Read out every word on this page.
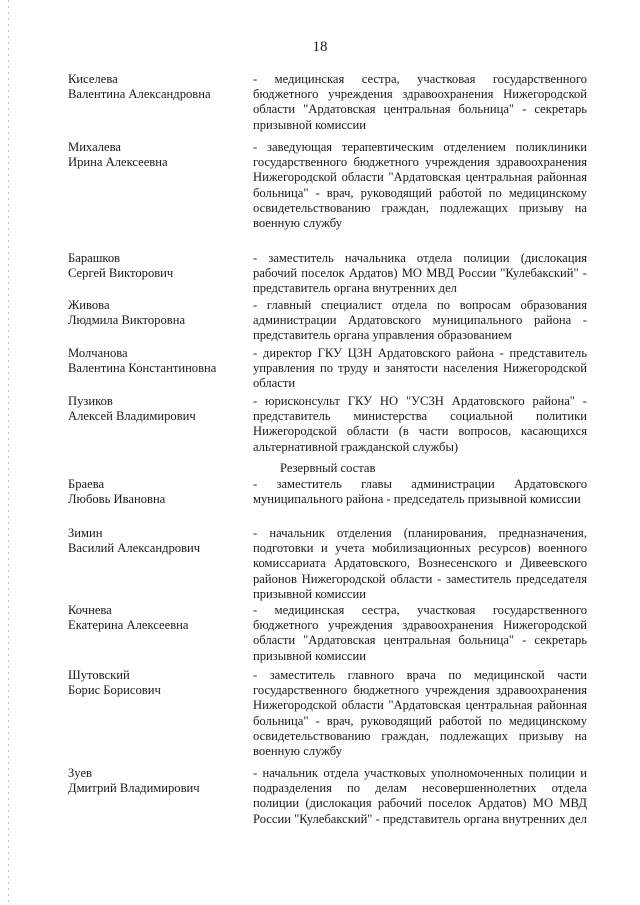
18
Киселева
Валентина Александровна
- медицинская сестра, участковая государственного бюджетного учреждения здравоохранения Нижегородской области "Ардатовская центральная больница" - секретарь призывной комиссии
Михалева
Ирина Алексеевна
- заведующая терапевтическим отделением поликлиники государственного бюджетного учреждения здравоохранения Нижегородской области "Ардатовская центральная районная больница" - врач, руководящий работой по медицинскому освидетельствованию граждан, подлежащих призыву на военную службу
Барашков
Сергей Викторович
- заместитель начальника отдела полиции (дислокация рабочий поселок Ардатов) МО МВД России "Кулебакский" - представитель органа внутренних дел
Живова
Людмила Викторовна
- главный специалист отдела по вопросам образования администрации Ардатовского муниципального района - представитель органа управления образованием
Молчанова
Валентина Константиновна
- директор ГКУ ЦЗН Ардатовского района - представитель управления по труду и занятости населения Нижегородской области
Пузиков
Алексей Владимирович
- юрисконсульт ГКУ НО "УСЗН Ардатовского района" - представитель министерства социальной политики Нижегородской области (в части вопросов, касающихся альтернативной гражданской службы)
Резервный состав
Браева
Любовь Ивановна
- заместитель главы администрации Ардатовского муниципального района - председатель призывной комиссии
Зимин
Василий Александрович
- начальник отделения (планирования, предназначения, подготовки и учета мобилизационных ресурсов) военного комиссариата Ардатовского, Вознесенского и Дивеевского районов Нижегородской области - заместитель председателя призывной комиссии
Кочнева
Екатерина Алексеевна
- медицинская сестра, участковая государственного бюджетного учреждения здравоохранения Нижегородской области "Ардатовская центральная больница" - секретарь призывной комиссии
Шутовский
Борис Борисович
- заместитель главного врача по медицинской части государственного бюджетного учреждения здравоохранения Нижегородской области "Ардатовская центральная районная больница" - врач, руководящий работой по медицинскому освидетельствованию граждан, подлежащих призыву на военную службу
Зуев
Дмитрий Владимирович
- начальник отдела участковых уполномоченных полиции и подразделения по делам несовершеннолетних отдела полиции (дислокация рабочий поселок Ардатов) МО МВД России "Кулебакский" - представитель органа внутренних дел
